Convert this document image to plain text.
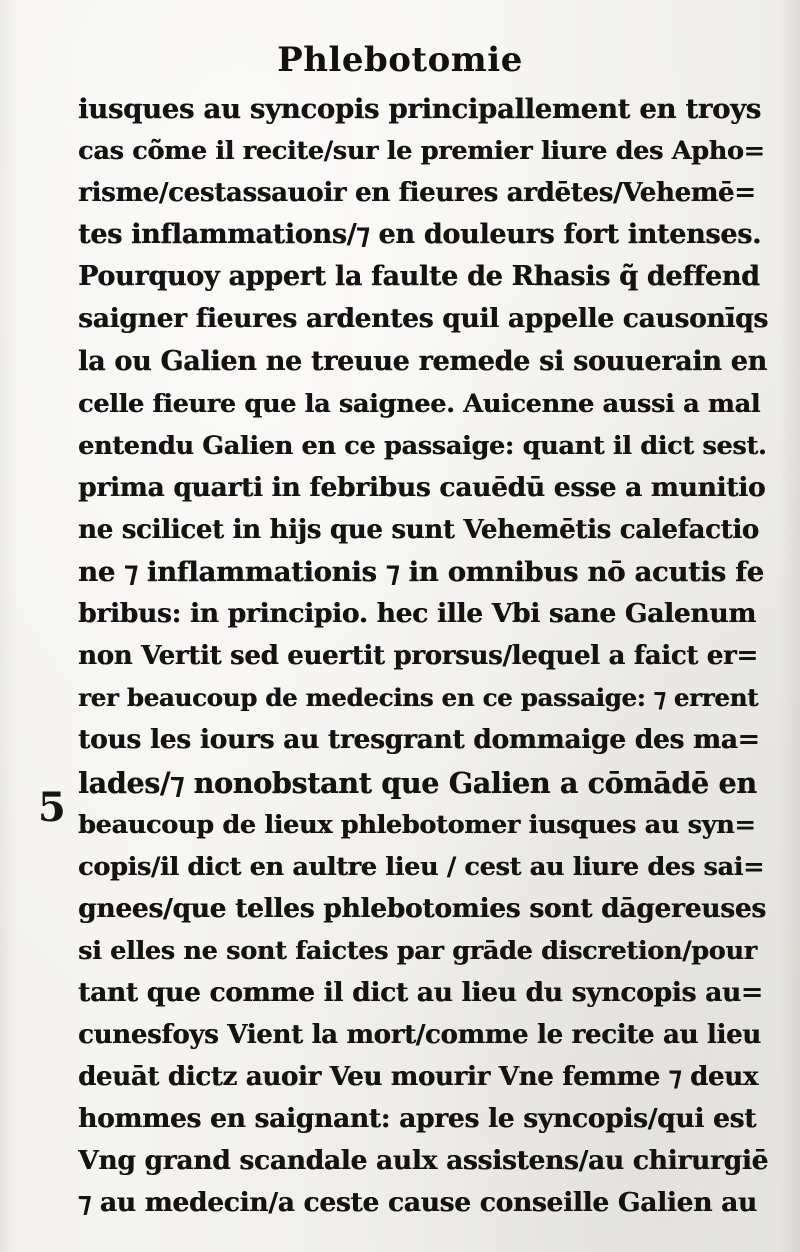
Phlebotomie
5
iusques au syncopis principallement en troys
cas cõme il recite/sur le premier liure des Apho=
risme/cestassauoir en fieures ardētes/Vehemē=
tes inflammations/⁊ en douleurs fort intenses.
Pourquoy appert la faulte de Rhasis q̃ deffend
saigner fieures ardentes quil appelle causonīqs
la ou Galien ne treuue remede si souuerain en
celle fieure que la saignee. Auicenne aussi a mal
entendu Galien en ce passaige: quant il dict sest.
prima quarti in febribus cauēdū esse a munitio
ne scilicet in hijs que sunt Vehemētis calefactio
ne ⁊ inflammationis ⁊ in omnibus nō acutis fe
bribus: in principio. hec ille Vbi sane Galenum
non Vertit sed euertit prorsus/lequel a faict er=
rer beaucoup de medecins en ce passaige: ⁊ errent
tous les iours au tresgrant dommaige des ma=
lades/⁊ nonobstant que Galien a cōmādē en
beaucoup de lieux phlebotomer iusques au syn=
copis/il dict en aultre lieu / cest au liure des sai=
gnees/que telles phlebotomies sont dāgereuses
si elles ne sont faictes par grāde discretion/pour
tant que comme il dict au lieu du syncopis au=
cunesfoys Vient la mort/comme le recite au lieu
deuāt dictz auoir Veu mourir Vne femme ⁊ deux
hommes en saignant: apres le syncopis/qui est
Vng grand scandale aulx assistens/au chirurgiē
⁊ au medecin/a ceste cause conseille Galien au
